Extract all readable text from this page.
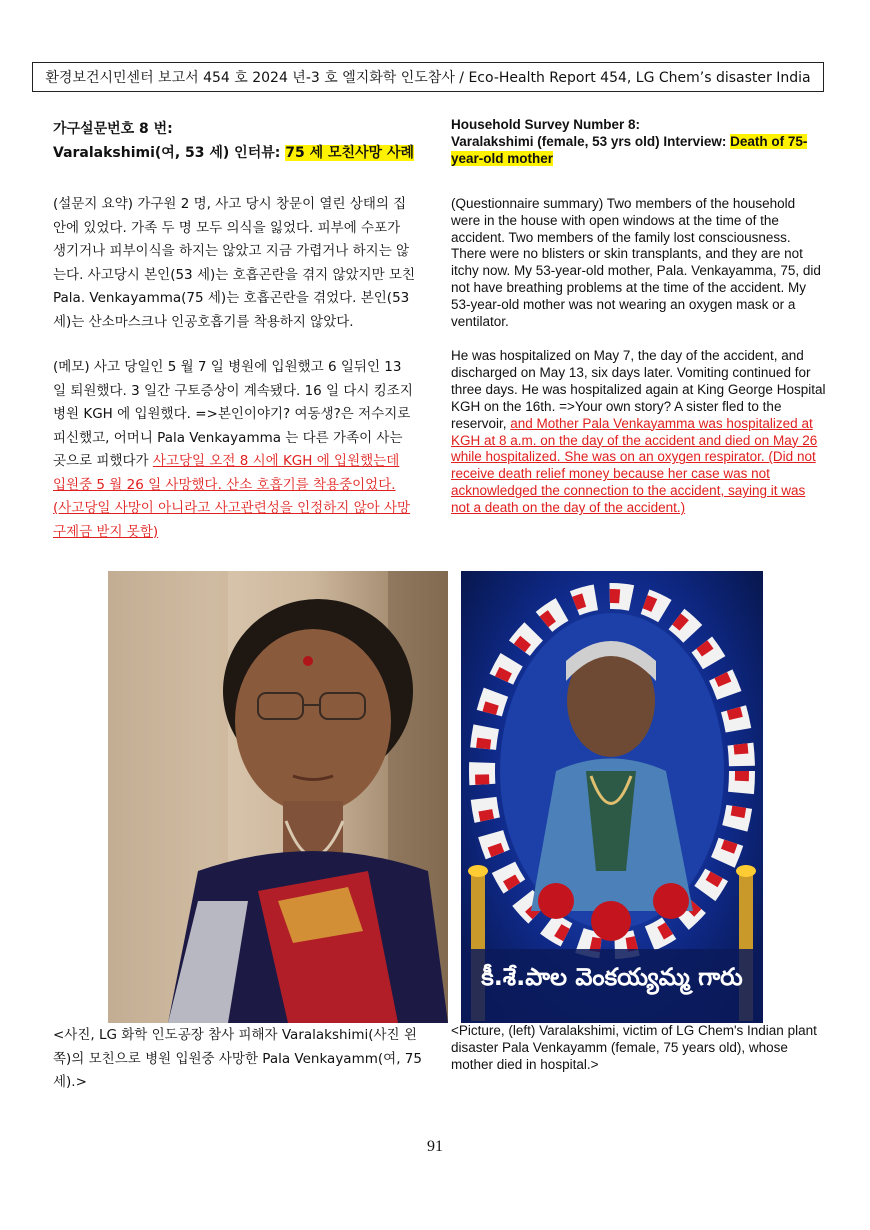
환경보건시민센터 보고서 454 호 2024 년-3 호 엘지화학 인도참사 / Eco-Health Report 454, LG Chem’s disaster India

가구설문번호 8 번:

Varalakshimi(여, 53 세) 인터뷰: 75 세 모친사망 사례

(설문지 요약) 가구원 2 명, 사고 당시 창문이 열린 상태의 집안에 있었다. 가족 두 명 모두 의식을 잃었다. 피부에 수포가 생기거나 피부이식을 하지는 않았고 지금 가렵거나 하지는 않는다. 사고당시 본인(53 세)는 호흡곤란을 겪지 않았지만 모친 Pala. Venkayamma(75 세)는 호흡곤란을 겪었다. 본인(53 세)는 산소마스크나 인공호흡기를 착용하지 않았다.

(메모) 사고 당일인 5 월 7 일 병원에 입원했고 6 일뒤인 13 일 퇴원했다. 3 일간 구토증상이 계속됐다. 16 일 다시 킹조지병원 KGH 에 입원했다. =>본인이야기? 여동생?은 저수지로 피신했고, 어머니 Pala Venkayamma 는 다른 가족이 사는 곳으로 피했다가 사고당일 오전 8 시에 KGH 에 입원했는데 입원중 5 월 26 일 사망했다. 산소 호흡기를 착용중이었다. (사고당일 사망이 아니라고 사고관련성을 인정하지 않아 사망구제금 받지 못함)

Household Survey Number 8:

Varalakshimi (female, 53 yrs old) Interview: Death of 75-year-old mother

(Questionnaire summary) Two members of the household were in the house with open windows at the time of the accident. Two members of the family lost consciousness. There were no blisters or skin transplants, and they are not itchy now. My 53-year-old mother, Pala. Venkayamma, 75, did not have breathing problems at the time of the accident. My 53-year-old mother was not wearing an oxygen mask or a ventilator.

He was hospitalized on May 7, the day of the accident, and discharged on May 13, six days later. Vomiting continued for three days. He was hospitalized again at King George Hospital KGH on the 16th. =>Your own story? A sister fled to the reservoir, and Mother Pala Venkayamma was hospitalized at KGH at 8 a.m. on the day of the accident and died on May 26 while hospitalized. She was on an oxygen respirator. (Did not receive death relief money because her case was not acknowledged the connection to the accident, saying it was not a death on the day of the accident.)

కీ.శే.పాల వెంకయ్యమ్మ గారు
<사진, LG 화학 인도공장 참사 피해자 Varalakshimi(사진 왼쪽)의 모친으로 병원 입원중 사망한 Pala Venkayamm(여, 75 세).>
<Picture, (left) Varalakshimi, victim of LG Chem's Indian plant disaster Pala Venkayamm (female, 75 years old), whose mother died in hospital.>
91
